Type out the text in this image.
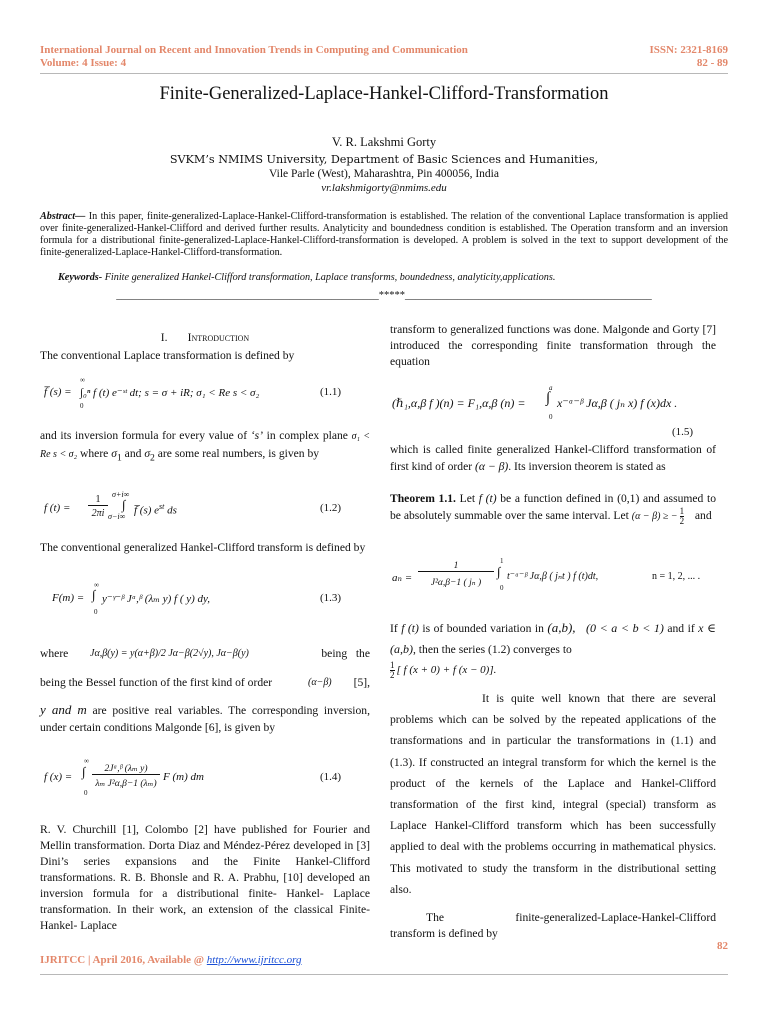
International Journal on Recent and Innovation Trends in Computing and Communication
Volume: 4 Issue: 4
ISSN: 2321-8169
82 - 89
Finite-Generalized-Laplace-Hankel-Clifford-Transformation
V. R. Lakshmi Gorty
SVKM’s NMIMS University, Department of Basic Sciences and Humanities,
Vile Parle (West), Maharashtra, Pin 400056, India
vr.lakshmigorty@nmims.edu
Abstract— In this paper, finite-generalized-Laplace-Hankel-Clifford-transformation is established. The relation of the conventional Laplace transformation is applied over finite-generalized-Hankel-Clifford and derived further results. Analyticity and boundedness condition is established. The Operation transform and an inversion formula for a distributional finite-generalized-Laplace-Hankel-Clifford-transformation is developed. A problem is solved in the text to support development of the finite-generalized-Laplace-Hankel-Clifford-transformation.
Keywords- Finite generalized Hankel-Clifford transformation, Laplace transforms, boundedness, analyticity,applications.
__________________________________________________*****_______________________________________________
I. Introduction
The conventional Laplace transformation is defined by
f̅ (s) =
∞
0
∫₀ⁿ f (t) e⁻ˢᵗ dt; s = σ + iR; σ₁ < Re s < σ₂	(1.1)
and its inversion formula for every value of ‘s’ in complex plane σ₁ < Re s < σ₂ where $\sigma_1$ and $\sigma_2$ are some real numbers, is given by
f (t) =
1
2πi
σ+i∞
σ−i∞
∫ f̅ (s) $e^{st}$ ds	(1.2)
The conventional generalized Hankel-Clifford transform is defined by
F(m) =
∞
0
∫ y⁻ᵞ⁻ᵝ Jᵅ,ᵝ (λₘ y) f ( y) dy,	(1.3)
where Jα,β(y) = y(α+β)/2 Jα−β(2√y), Jα−β(y)	being   the
being the Bessel function of the first kind of order	(α−β) [5],
y and m are positive real variables. The corresponding inversion, under certain conditions Malgonde [6], is given by
f (x) =
∞
0
∫	2Jᵅ,ᵝ (λₘ y)
λₘ J²α,β−1 (λₘ)
F (m) dm	(1.4)
R. V. Churchill [1], Colombo [2] have published for Fourier and Mellin transformation. Dorta Diaz and Méndez-Pérez developed in [3] Dini’s series expansions and the Finite Hankel-Clifford transformations. R. B. Bhonsle and R. A. Prabhu, [10] developed an inversion formula for a distributional finite- Hankel- Laplace transformation. In their work, an extension of the classical Finite-Hankel- Laplace
transform to generalized functions was done. Malgonde and Gorty [7] introduced the corresponding finite transformation through the equation
(ℏ₁,α,β f )(n) = F₁,α,β (n) =
a
0
∫ x⁻ᵅ⁻ᵝ Jα,β ( jₙ x) f (x)dx .
(1.5)
which is called finite generalized Hankel-Clifford transformation of first kind of order (α − β). Its inversion theorem is stated as
Theorem 1.1. Let f (t) be a function defined in (0,1) and assumed to be absolutely summable over the same interval. Let (α − β) ≥ − $\frac{1}{2}$ and
aₙ =
1
J²α,β−1 ( jₙ )
1
0
∫ t⁻ᵅ⁻ᵝ Jα,β ( jₙt ) f (t)dt,	n = 1, 2, ... .
If f (t) is of bounded variation in (a,b), (0 < a < b < 1) and if x ∈ (a,b), then the series (1.2) converges to

$\frac{1}{2}$ [ f (x + 0) + f (x − 0)].
It is quite well known that there are several problems which can be solved by the repeated applications of the transformations and in particular the transformations in (1.1) and (1.3). If constructed an integral transform for which the kernel is the product of the kernels of the Laplace and Hankel-Clifford transformation of the first kind, integral (special) transform as Laplace Hankel-Clifford transform which has been successfully applied to deal with the problems occurring in mathematical physics. This motivated to study the transform in the distributional setting also.
The	finite-generalized-Laplace-Hankel-Clifford
transform is defined by
82
IJRITCC | April 2016, Available @ http://www.ijritcc.org
